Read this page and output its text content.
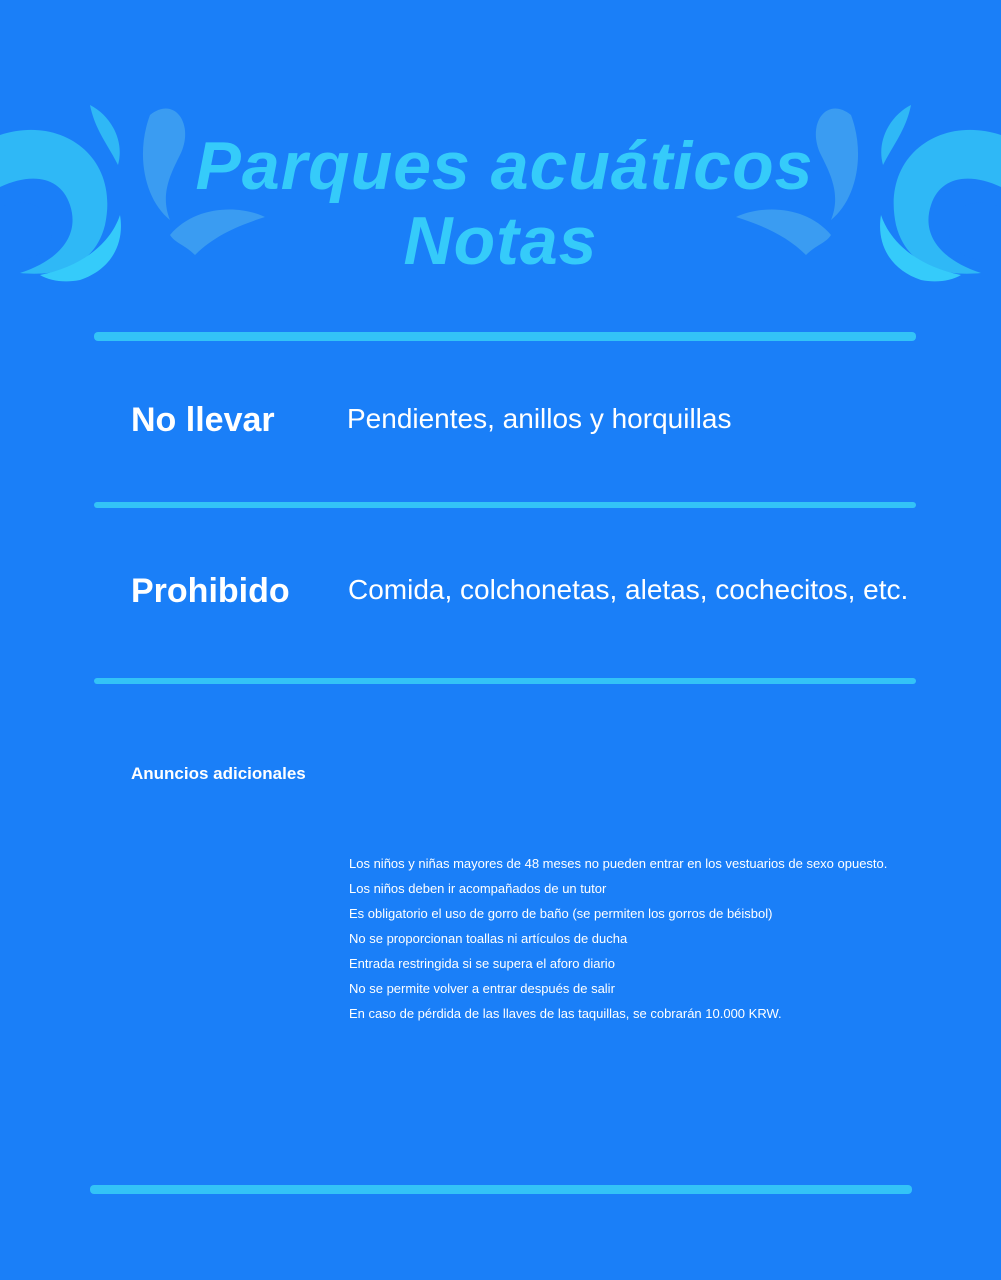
Parques acuáticos
Notas
No llevar	Pendientes, anillos y horquillas
Prohibido Comida, colchonetas, aletas, cochecitos, etc.
Anuncios adicionales
Los niños y niñas mayores de 48 meses no pueden entrar en los vestuarios de sexo opuesto.
Los niños deben ir acompañados de un tutor
Es obligatorio el uso de gorro de baño (se permiten los gorros de béisbol)
No se proporcionan toallas ni artículos de ducha
Entrada restringida si se supera el aforo diario
No se permite volver a entrar después de salir
En caso de pérdida de las llaves de las taquillas, se cobrarán 10.000 KRW.
